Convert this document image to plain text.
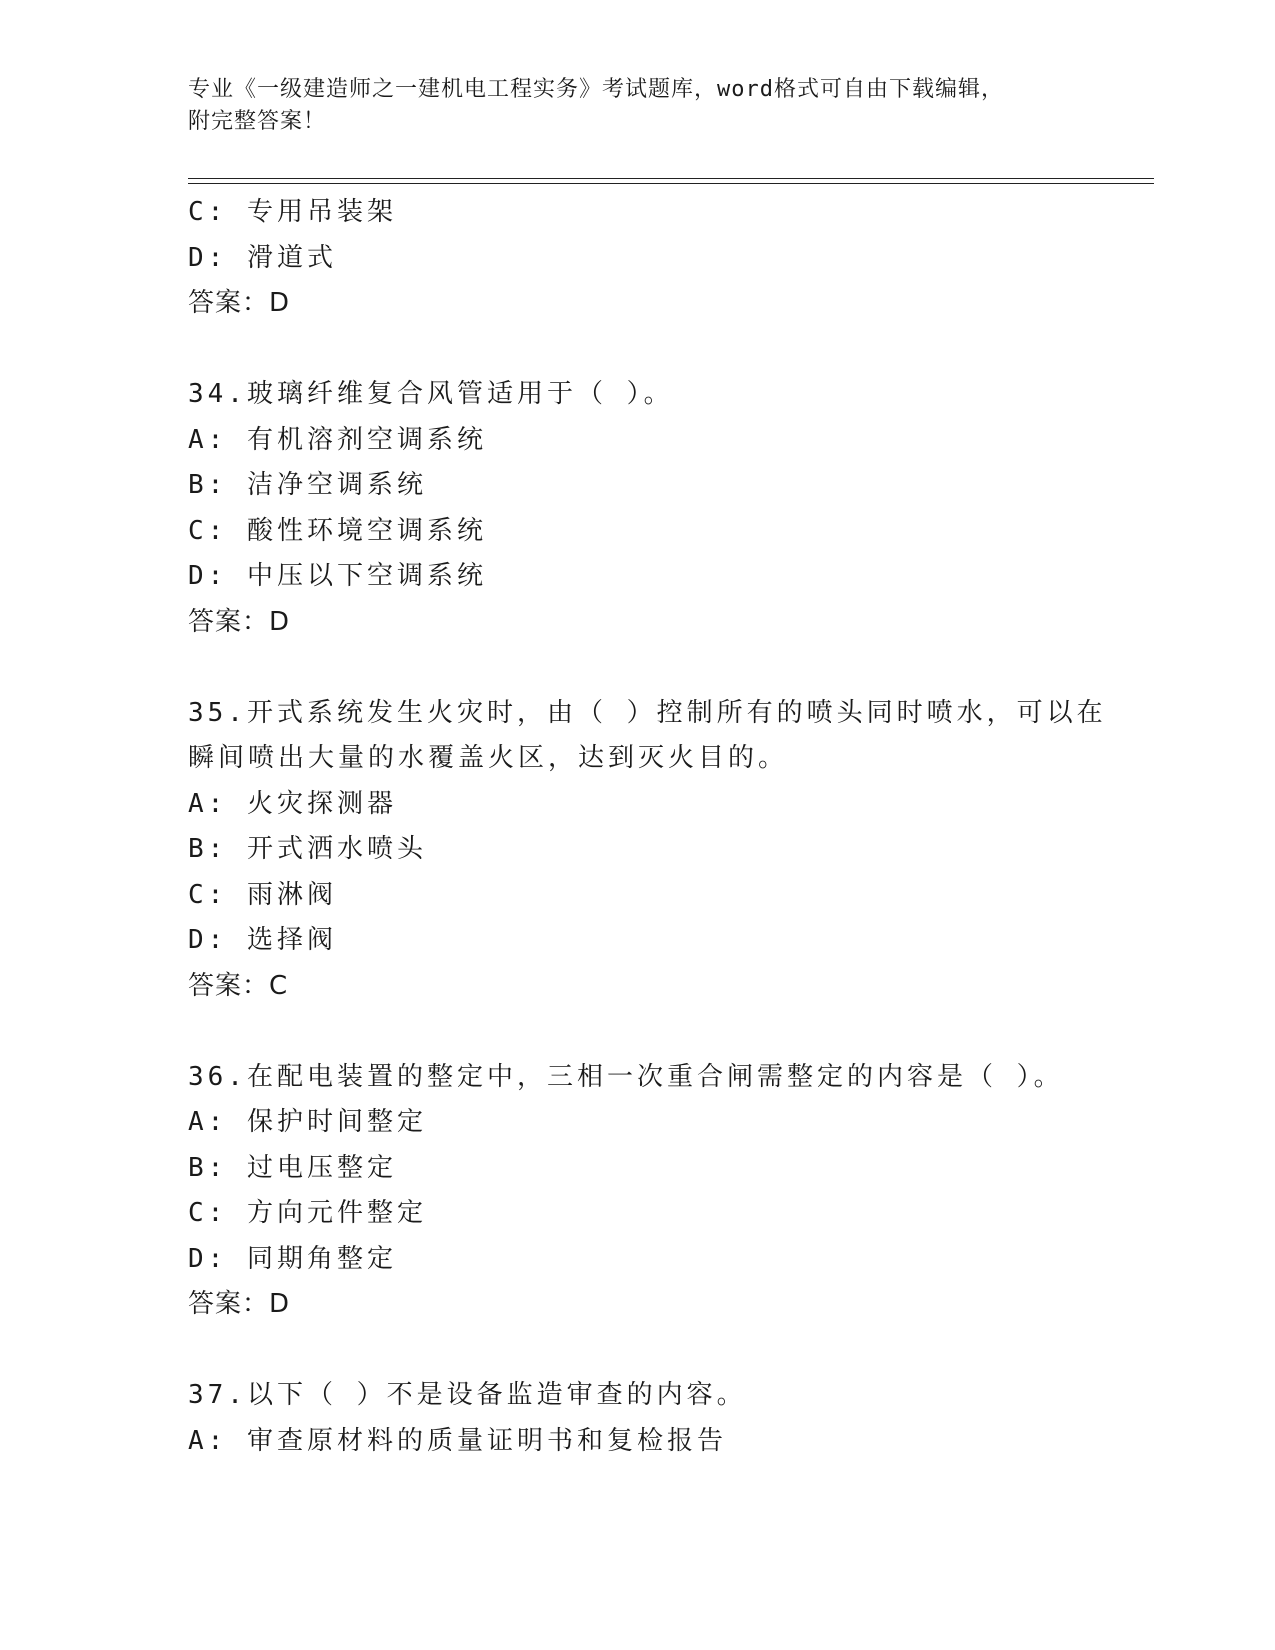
专业《一级建造师之一建机电工程实务》考试题库，word格式可自由下载编辑，
附完整答案！
C: 专用吊装架
D: 滑道式
答案：D
34.玻璃纤维复合风管适用于（ ）。
A: 有机溶剂空调系统
B: 洁净空调系统
C: 酸性环境空调系统
D: 中压以下空调系统
答案：D
35.开式系统发生火灾时，由（ ）控制所有的喷头同时喷水，可以在
瞬间喷出大量的水覆盖火区，达到灭火目的。
A: 火灾探测器
B: 开式洒水喷头
C: 雨淋阀
D: 选择阀
答案：C
36.在配电装置的整定中，三相一次重合闸需整定的内容是（ ）。
A: 保护时间整定
B: 过电压整定
C: 方向元件整定
D: 同期角整定
答案：D
37.以下（ ）不是设备监造审查的内容。
A: 审查原材料的质量证明书和复检报告
